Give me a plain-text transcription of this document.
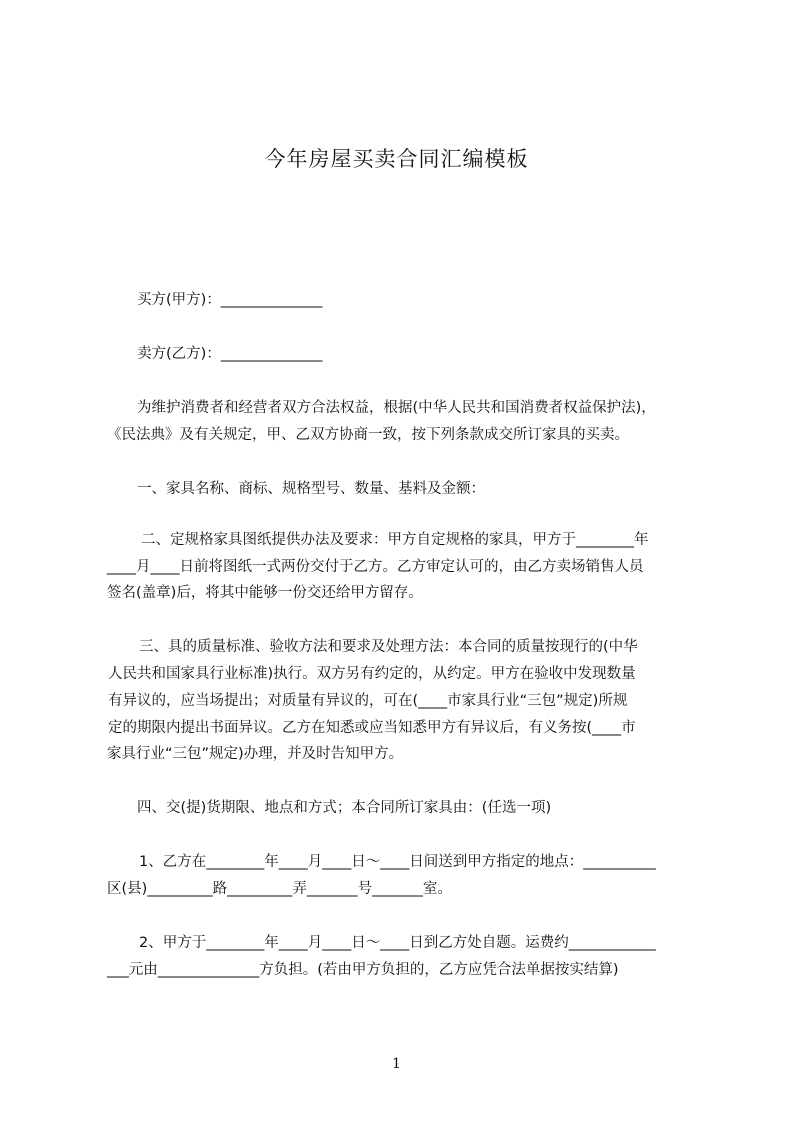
今年房屋买卖合同汇编模板
买方(甲方)：______________
卖方(乙方)：______________
为维护消费者和经营者双方合法权益，根据(中华人民共和国消费者权益保护法)，
《民法典》及有关规定，甲、乙双方协商一致，按下列条款成交所订家具的买卖。
一、家具名称、商标、规格型号、数量、基料及金额：
二、定规格家具图纸提供办法及要求：甲方自定规格的家具，甲方于________年
____月____日前将图纸一式两份交付于乙方。乙方审定认可的，由乙方卖场销售人员
签名(盖章)后，将其中能够一份交还给甲方留存。
三、具的质量标准、验收方法和要求及处理方法：本合同的质量按现行的(中华
人民共和国家具行业标准)执行。双方另有约定的，从约定。甲方在验收中发现数量
有异议的，应当场提出；对质量有异议的，可在(____市家具行业“三包”规定)所规
定的期限内提出书面异议。乙方在知悉或应当知悉甲方有异议后，有义务按(____市
家具行业“三包”规定)办理，并及时告知甲方。
四、交(提)货期限、地点和方式；本合同所订家具由：(任选一项)
1、乙方在________年____月____日～____日间送到甲方指定的地点：__________
区(县)_________路_________弄_______号_______室。
2、甲方于________年____月____日～____日到乙方处自题。运费约____________
___元由______________方负担。(若由甲方负担的，乙方应凭合法单据按实结算)
1
